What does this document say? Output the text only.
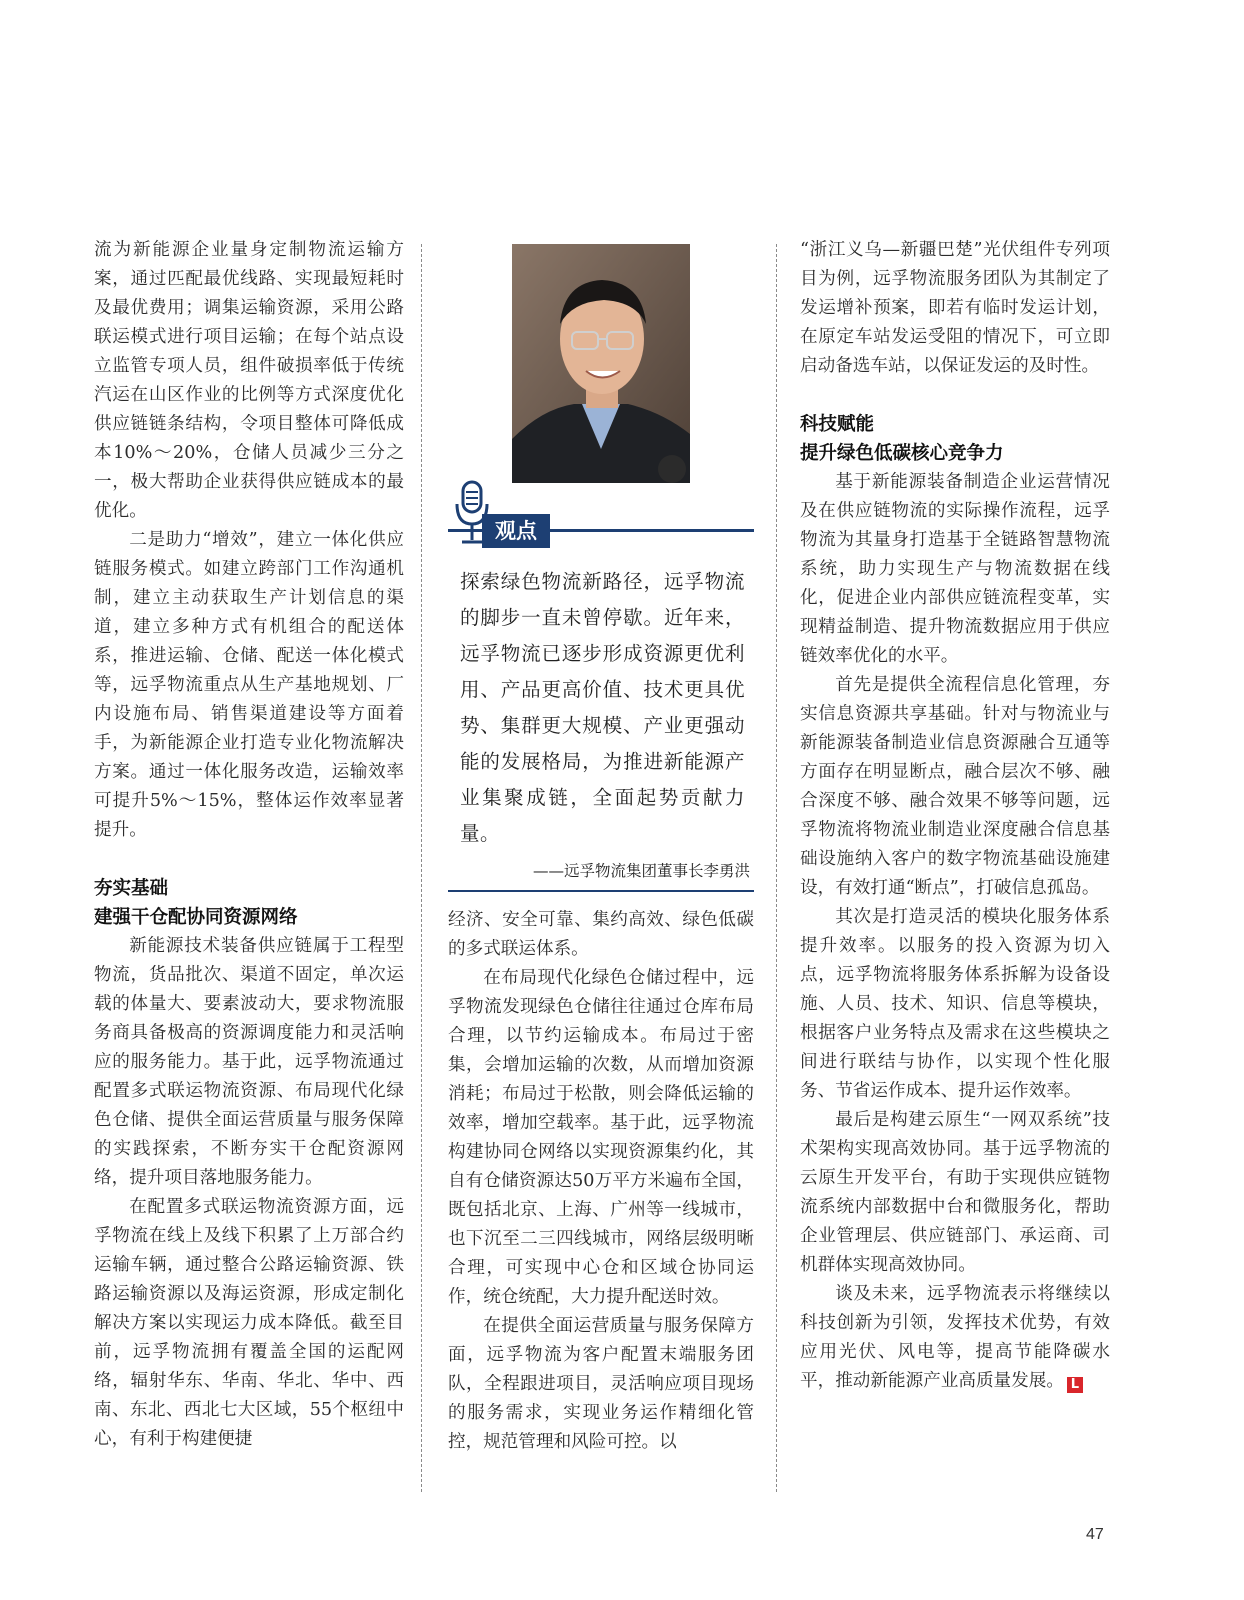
流为新能源企业量身定制物流运输方案，通过匹配最优线路、实现最短耗时及最优费用；调集运输资源，采用公路联运模式进行项目运输；在每个站点设立监管专项人员，组件破损率低于传统汽运在山区作业的比例等方式深度优化供应链链条结构，令项目整体可降低成本10%～20%，仓储人员减少三分之一，极大帮助企业获得供应链成本的最优化。

二是助力“增效”，建立一体化供应链服务模式。如建立跨部门工作沟通机制，建立主动获取生产计划信息的渠道，建立多种方式有机组合的配送体系，推进运输、仓储、配送一体化模式等，远孚物流重点从生产基地规划、厂内设施布局、销售渠道建设等方面着手，为新能源企业打造专业化物流解决方案。通过一体化服务改造，运输效率可提升5%～15%，整体运作效率显著提升。

夯实基础
建强干仓配协同资源网络

新能源技术装备供应链属于工程型物流，货品批次、渠道不固定，单次运载的体量大、要素波动大，要求物流服务商具备极高的资源调度能力和灵活响应的服务能力。基于此，远孚物流通过配置多式联运物流资源、布局现代化绿色仓储、提供全面运营质量与服务保障的实践探索，不断夯实干仓配资源网络，提升项目落地服务能力。

在配置多式联运物流资源方面，远孚物流在线上及线下积累了上万部合约运输车辆，通过整合公路运输资源、铁路运输资源以及海运资源，形成定制化解决方案以实现运力成本降低。截至目前，远孚物流拥有覆盖全国的运配网络，辐射华东、华南、华北、华中、西南、东北、西北七大区域，55个枢纽中心，有利于构建便捷

观点
探索绿色物流新路径，远孚物流的脚步一直未曾停歇。近年来，远孚物流已逐步形成资源更优利用、产品更高价值、技术更具优势、集群更大规模、产业更强动能的发展格局，为推进新能源产业集聚成链，全面起势贡献力量。
——远孚物流集团董事长李勇洪

经济、安全可靠、集约高效、绿色低碳的多式联运体系。

在布局现代化绿色仓储过程中，远孚物流发现绿色仓储往往通过仓库布局合理，以节约运输成本。布局过于密集，会增加运输的次数，从而增加资源消耗；布局过于松散，则会降低运输的效率，增加空载率。基于此，远孚物流构建协同仓网络以实现资源集约化，其自有仓储资源达50万平方米遍布全国，既包括北京、上海、广州等一线城市，也下沉至二三四线城市，网络层级明晰合理，可实现中心仓和区域仓协同运作，统仓统配，大力提升配送时效。

在提供全面运营质量与服务保障方面，远孚物流为客户配置末端服务团队，全程跟进项目，灵活响应项目现场的服务需求，实现业务运作精细化管控，规范管理和风险可控。以

“浙江义乌—新疆巴楚”光伏组件专列项目为例，远孚物流服务团队为其制定了发运增补预案，即若有临时发运计划，在原定车站发运受阻的情况下，可立即启动备选车站，以保证发运的及时性。

科技赋能
提升绿色低碳核心竞争力

基于新能源装备制造企业运营情况及在供应链物流的实际操作流程，远孚物流为其量身打造基于全链路智慧物流系统，助力实现生产与物流数据在线化，促进企业内部供应链流程变革，实现精益制造、提升物流数据应用于供应链效率优化的水平。

首先是提供全流程信息化管理，夯实信息资源共享基础。针对与物流业与新能源装备制造业信息资源融合互通等方面存在明显断点，融合层次不够、融合深度不够、融合效果不够等问题，远孚物流将物流业制造业深度融合信息基础设施纳入客户的数字物流基础设施建设，有效打通“断点”，打破信息孤岛。

其次是打造灵活的模块化服务体系提升效率。以服务的投入资源为切入点，远孚物流将服务体系拆解为设备设施、人员、技术、知识、信息等模块，根据客户业务特点及需求在这些模块之间进行联结与协作，以实现个性化服务、节省运作成本、提升运作效率。

最后是构建云原生“一网双系统”技术架构实现高效协同。基于远孚物流的云原生开发平台，有助于实现供应链物流系统内部数据中台和微服务化，帮助企业管理层、供应链部门、承运商、司机群体实现高效协同。

谈及未来，远孚物流表示将继续以科技创新为引领，发挥技术优势，有效应用光伏、风电等，提高节能降碳水平，推动新能源产业高质量发展。 L

47
